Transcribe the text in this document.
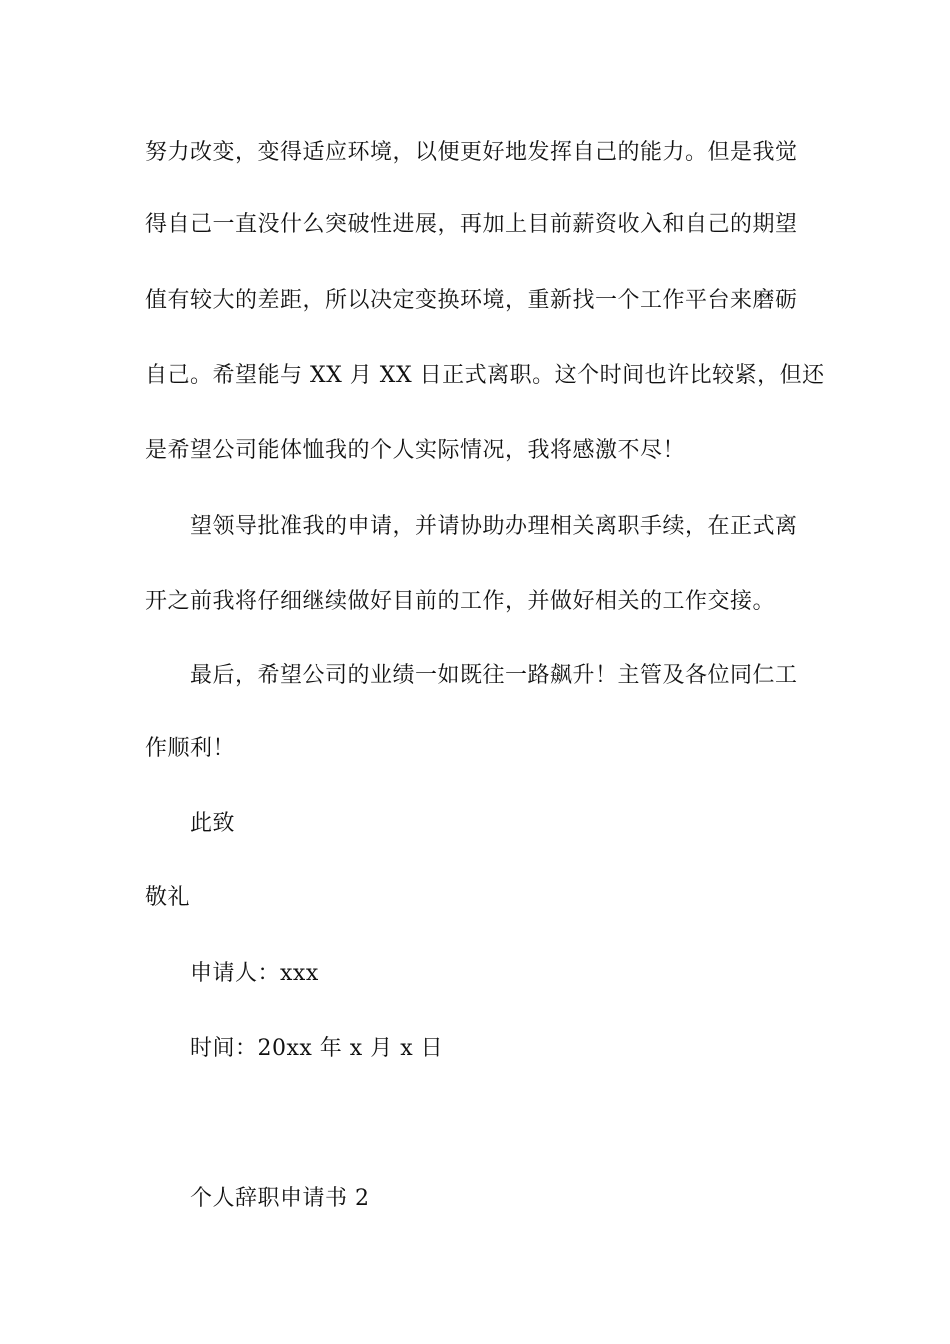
努力改变，变得适应环境，以便更好地发挥自己的能力。但是我觉
得自己一直没什么突破性进展，再加上目前薪资收入和自己的期望
值有较大的差距，所以决定变换环境，重新找一个工作平台来磨砺
自己。希望能与 XX 月 XX 日正式离职。这个时间也许比较紧，但还
是希望公司能体恤我的个人实际情况，我将感激不尽！
望领导批准我的申请，并请协助办理相关离职手续，在正式离
开之前我将仔细继续做好目前的工作，并做好相关的工作交接。
最后，希望公司的业绩一如既往一路飙升！主管及各位同仁工
作顺利！
此致
敬礼
申请人：xxx
时间：20xx 年 x 月 x 日
个人辞职申请书 2
